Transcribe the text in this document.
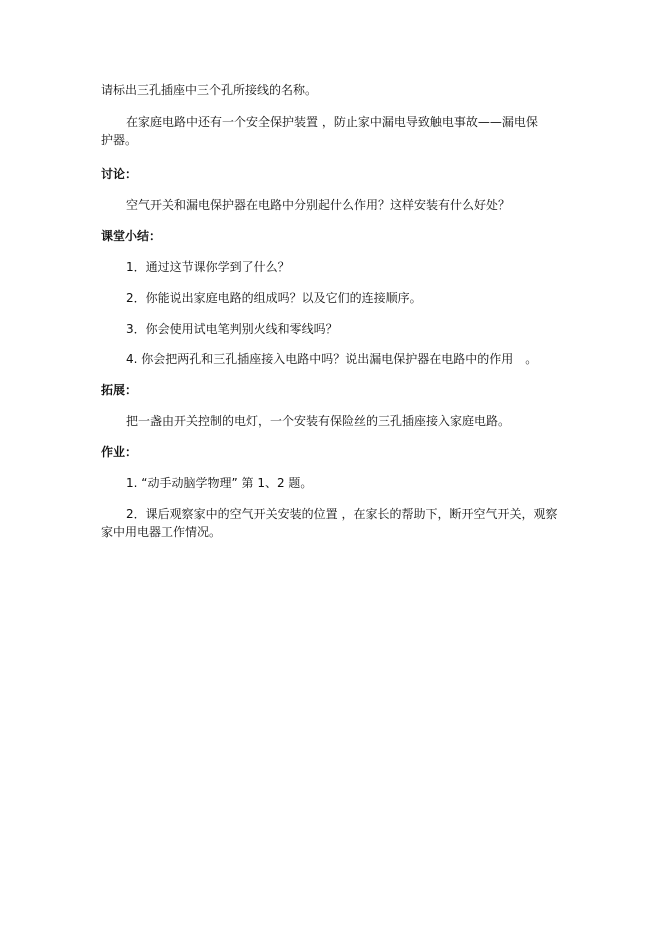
请标出三孔插座中三个孔所接线的名称。
在家庭电路中还有一个安全保护装置 ，防止家中漏电导致触电事故——漏电保护器。
讨论：
空气开关和漏电保护器在电路中分别起什么作用？这样安装有什么好处？
课堂小结：
1．通过这节课你学到了什么？
2．你能说出家庭电路的组成吗？以及它们的连接顺序。
3．你会使用试电笔判别火线和零线吗？
4. 你会把两孔和三孔插座接入电路中吗？说出漏电保护器在电路中的作用　。
拓展：
把一盏由开关控制的电灯，一个安装有保险丝的三孔插座接入家庭电路。
作业：
1. “动手动脑学物理” 第 1、2 题。
2．课后观察家中的空气开关安装的位置 ，在家长的帮助下，断开空气开关，观察家中用电器工作情况。
